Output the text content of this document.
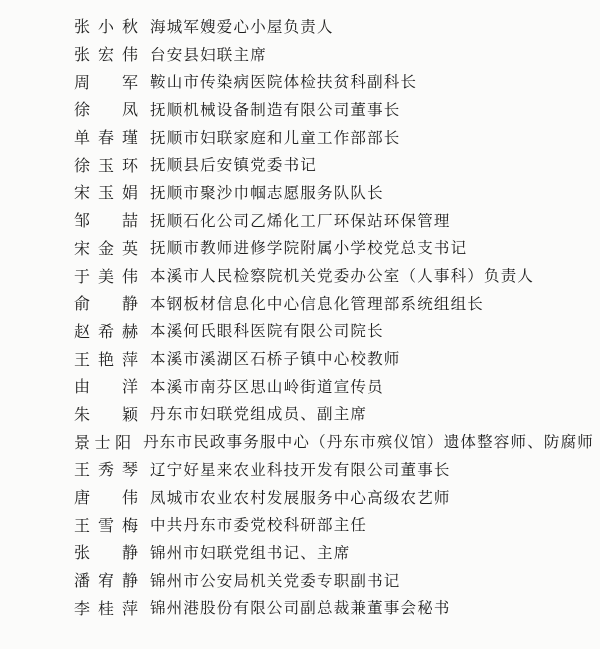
张小秋 海城军嫂爱心小屋负责人
张宏伟 台安县妇联主席
周　军 鞍山市传染病医院体检扶贫科副科长
徐　凤 抚顺机械设备制造有限公司董事长
单春瑾 抚顺市妇联家庭和儿童工作部部长
徐玉环 抚顺县后安镇党委书记
宋玉娟 抚顺市聚沙巾帼志愿服务队队长
邹　喆 抚顺石化公司乙烯化工厂环保站环保管理
宋金英 抚顺市教师进修学院附属小学校党总支书记
于美伟 本溪市人民检察院机关党委办公室（人事科）负责人
俞　静 本钢板材信息化中心信息化管理部系统组组长
赵希赫 本溪何氏眼科医院有限公司院长
王艳萍 本溪市溪湖区石桥子镇中心校教师
由　洋 本溪市南芬区思山岭街道宣传员
朱　颖 丹东市妇联党组成员、副主席
景士阳 丹东市民政事务服中心（丹东市殡仪馆）遗体整容师、防腐师
王秀琴 辽宁好星来农业科技开发有限公司董事长
唐　伟 凤城市农业农村发展服务中心高级农艺师
王雪梅 中共丹东市委党校科研部主任
张　静 锦州市妇联党组书记、主席
潘宥静 锦州市公安局机关党委专职副书记
李桂萍 锦州港股份有限公司副总裁兼董事会秘书
